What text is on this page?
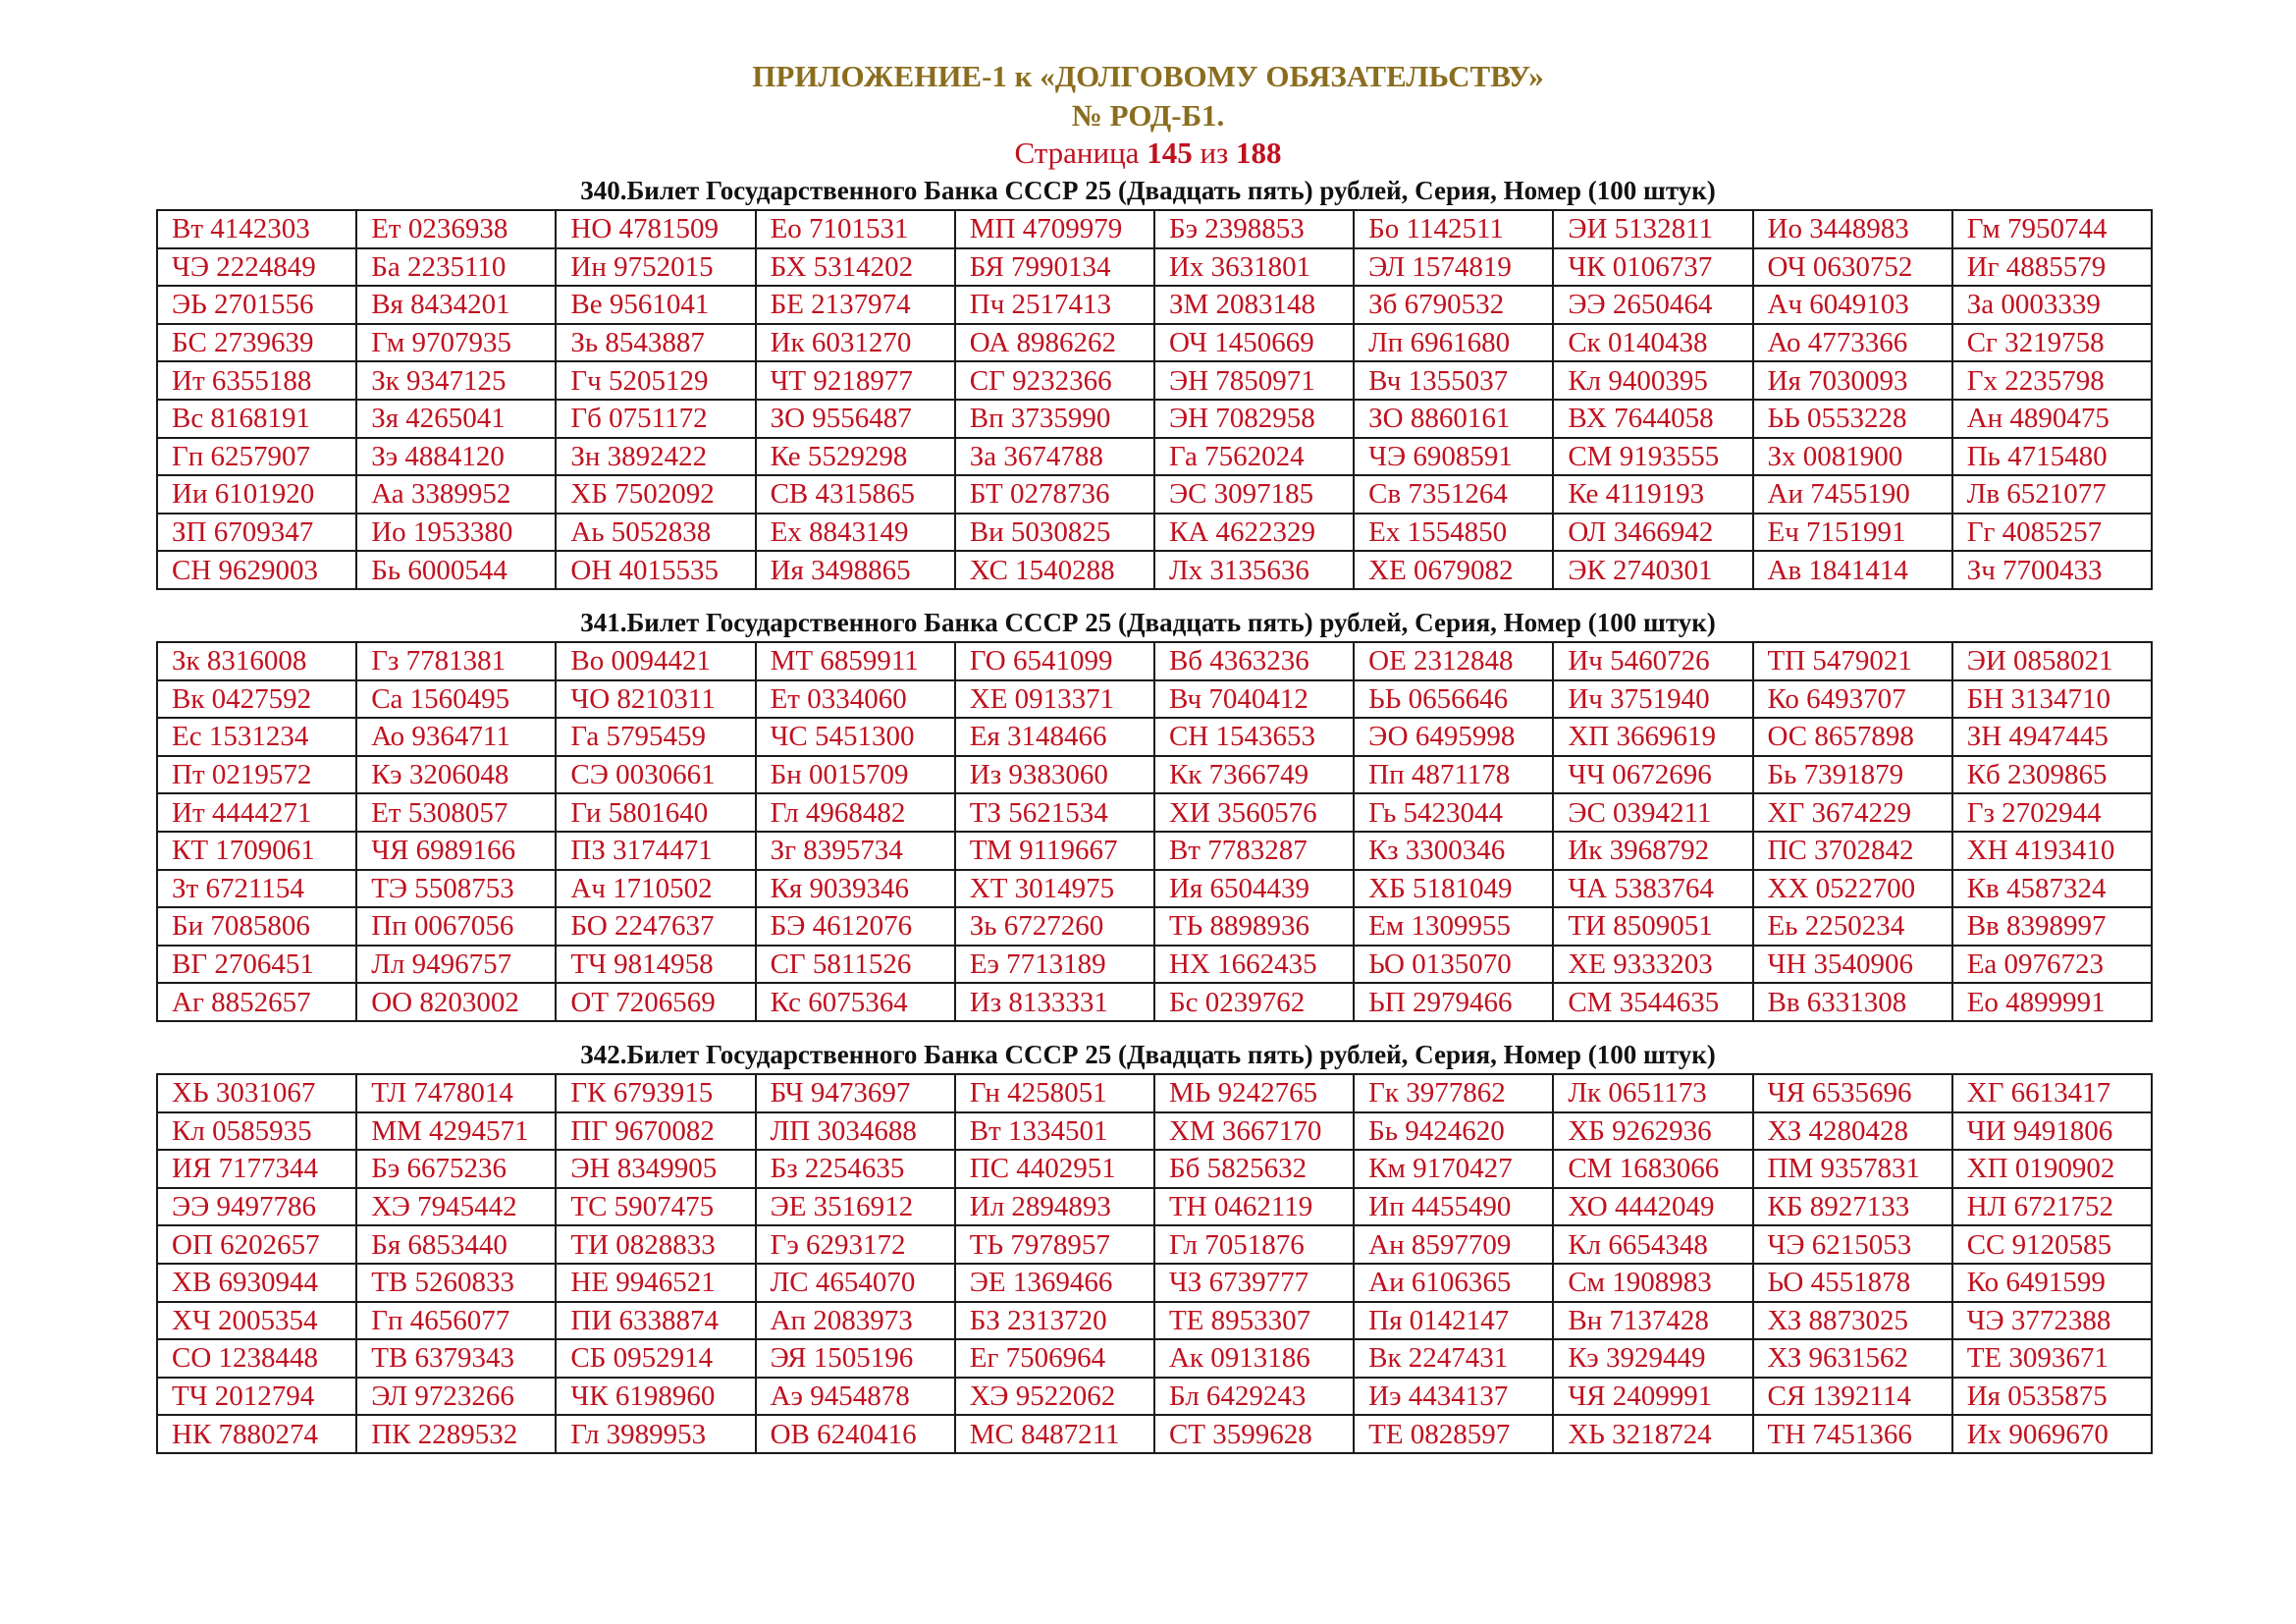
ПРИЛОЖЕНИЕ-1 к «ДОЛГОВОМУ ОБЯЗАТЕЛЬСТВУ»
№ РОД-Б1.
Страница 145 из 188
340.Билет Государственного Банка СССР 25 (Двадцать пять) рублей, Серия, Номер (100 штук)
Вт 4142303	Ет 0236938	НО 4781509	Ео 7101531	МП 4709979	Бэ 2398853	Бо 1142511	ЭИ 5132811	Ио 3448983	Гм 7950744
ЧЭ 2224849	Ба 2235110	Ин 9752015	БХ 5314202	БЯ 7990134	Их 3631801	ЭЛ 1574819	ЧК 0106737	ОЧ 0630752	Иг 4885579
ЭЬ 2701556	Вя 8434201	Ве 9561041	БЕ 2137974	Пч 2517413	ЗМ 2083148	Зб 6790532	ЭЭ 2650464	Ач 6049103	За 0003339
БС 2739639	Гм 9707935	Зь 8543887	Ик 6031270	ОА 8986262	ОЧ 1450669	Лп 6961680	Ск 0140438	Ао 4773366	Сг 3219758
Ит 6355188	Зк 9347125	Гч 5205129	ЧТ 9218977	СГ 9232366	ЭН 7850971	Вч 1355037	Кл 9400395	Ия 7030093	Гх 2235798
Вс 8168191	Зя 4265041	Гб 0751172	ЗО 9556487	Вп 3735990	ЭН 7082958	ЗО 8860161	ВХ 7644058	ЬЬ 0553228	Ан 4890475
Гп 6257907	Зэ 4884120	Зн 3892422	Ке 5529298	За 3674788	Га 7562024	ЧЭ 6908591	СМ 9193555	Зх 0081900	Пь 4715480
Ии 6101920	Аа 3389952	ХБ 7502092	СВ 4315865	БТ 0278736	ЭС 3097185	Св 7351264	Ке 4119193	Аи 7455190	Лв 6521077
ЗП 6709347	Ио 1953380	Аь 5052838	Ех 8843149	Ви 5030825	КА 4622329	Ех 1554850	ОЛ 3466942	Еч 7151991	Гг 4085257
СН 9629003	Бь 6000544	ОН 4015535	Ия 3498865	ХС 1540288	Лх 3135636	ХЕ 0679082	ЭК 2740301	Ав 1841414	Зч 7700433
341.Билет Государственного Банка СССР 25 (Двадцать пять) рублей, Серия, Номер (100 штук)
Зк 8316008	Гз 7781381	Во 0094421	МТ 6859911	ГО 6541099	Вб 4363236	ОЕ 2312848	Ич 5460726	ТП 5479021	ЭИ 0858021
Вк 0427592	Са 1560495	ЧО 8210311	Ет 0334060	ХЕ 0913371	Вч 7040412	ЬЬ 0656646	Ич 3751940	Ко 6493707	БН 3134710
Ес 1531234	Ао 9364711	Га 5795459	ЧС 5451300	Ея 3148466	СН 1543653	ЭО 6495998	ХП 3669619	ОС 8657898	ЗН 4947445
Пт 0219572	Кэ 3206048	СЭ 0030661	Бн 0015709	Из 9383060	Кк 7366749	Пп 4871178	ЧЧ 0672696	Бь 7391879	Кб 2309865
Ит 4444271	Ет 5308057	Ги 5801640	Гл 4968482	ТЗ 5621534	ХИ 3560576	Гь 5423044	ЭС 0394211	ХГ 3674229	Гз 2702944
КТ 1709061	ЧЯ 6989166	ПЗ 3174471	Зг 8395734	ТМ 9119667	Вт 7783287	Кз 3300346	Ик 3968792	ПС 3702842	ХН 4193410
Зт 6721154	ТЭ 5508753	Ач 1710502	Кя 9039346	ХТ 3014975	Ия 6504439	ХБ 5181049	ЧА 5383764	ХХ 0522700	Кв 4587324
Би 7085806	Пп 0067056	БО 2247637	БЭ 4612076	Зь 6727260	ТЬ 8898936	Ем 1309955	ТИ 8509051	Еь 2250234	Вв 8398997
ВГ 2706451	Лл 9496757	ТЧ 9814958	СГ 5811526	Еэ 7713189	НХ 1662435	ЬО 0135070	ХЕ 9333203	ЧН 3540906	Еа 0976723
Аг 8852657	ОО 8203002	ОТ 7206569	Кс 6075364	Из 8133331	Бс 0239762	ЬП 2979466	СМ 3544635	Вв 6331308	Ео 4899991
342.Билет Государственного Банка СССР 25 (Двадцать пять) рублей, Серия, Номер (100 штук)
ХЬ 3031067	ТЛ 7478014	ГК 6793915	БЧ 9473697	Гн 4258051	МЬ 9242765	Гк 3977862	Лк 0651173	ЧЯ 6535696	ХГ 6613417
Кл 0585935	ММ 4294571	ПГ 9670082	ЛП 3034688	Вт 1334501	ХМ 3667170	Бь 9424620	ХБ 9262936	ХЗ 4280428	ЧИ 9491806
ИЯ 7177344	Бэ 6675236	ЭН 8349905	Бз 2254635	ПС 4402951	Бб 5825632	Км 9170427	СМ 1683066	ПМ 9357831	ХП 0190902
ЭЭ 9497786	ХЭ 7945442	ТС 5907475	ЭЕ 3516912	Ил 2894893	ТН 0462119	Ип 4455490	ХО 4442049	КБ 8927133	НЛ 6721752
ОП 6202657	Бя 6853440	ТИ 0828833	Гэ 6293172	ТЬ 7978957	Гл 7051876	Ан 8597709	Кл 6654348	ЧЭ 6215053	СС 9120585
ХВ 6930944	ТВ 5260833	НЕ 9946521	ЛС 4654070	ЭЕ 1369466	ЧЗ 6739777	Аи 6106365	См 1908983	ЬО 4551878	Ко 6491599
ХЧ 2005354	Гп 4656077	ПИ 6338874	Ап 2083973	БЗ 2313720	ТЕ 8953307	Пя 0142147	Вн 7137428	ХЗ 8873025	ЧЭ 3772388
СО 1238448	ТВ 6379343	СБ 0952914	ЭЯ 1505196	Ег 7506964	Ак 0913186	Вк 2247431	Кэ 3929449	ХЗ 9631562	ТЕ 3093671
ТЧ 2012794	ЭЛ 9723266	ЧК 6198960	Аэ 9454878	ХЭ 9522062	Бл 6429243	Иэ 4434137	ЧЯ 2409991	СЯ 1392114	Ия 0535875
НК 7880274	ПК 2289532	Гл 3989953	ОВ 6240416	МС 8487211	СТ 3599628	ТЕ 0828597	ХЬ 3218724	ТН 7451366	Их 9069670
